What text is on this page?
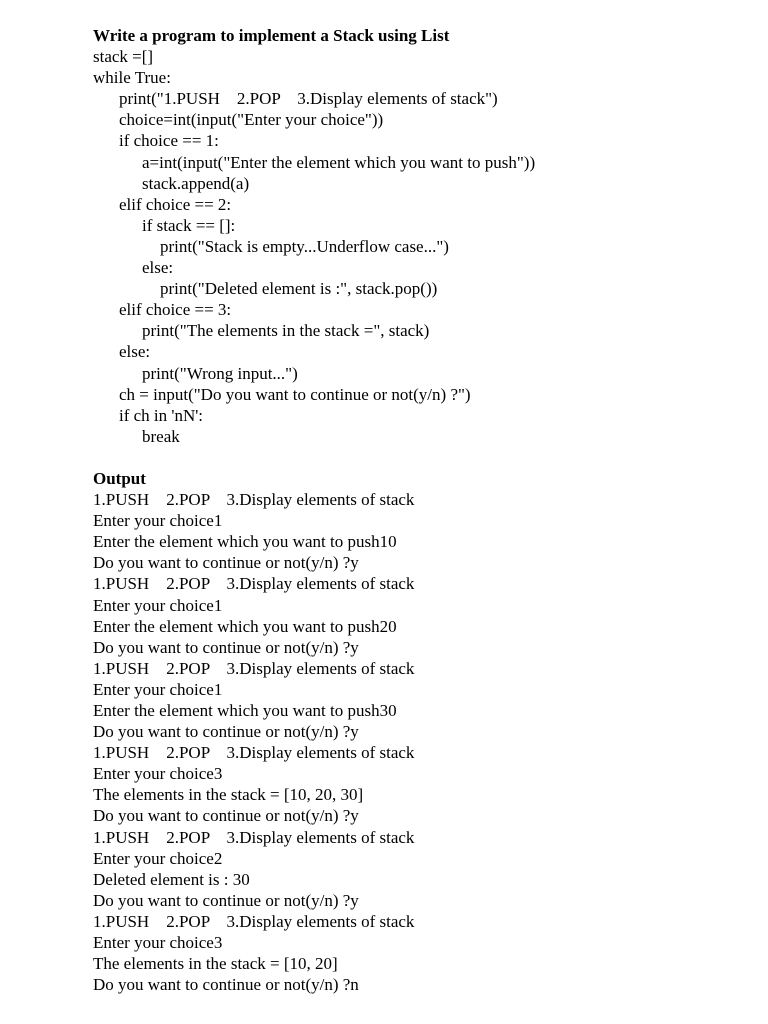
Write a program to implement a Stack using List
stack =[]
while True:
print("1.PUSH    2.POP    3.Display elements of stack")
choice=int(input("Enter your choice"))
if choice == 1:
a=int(input("Enter the element which you want to push"))
stack.append(a)
elif choice == 2:
if stack == []:
print("Stack is empty...Underflow case...")
else:
print("Deleted element is :", stack.pop())
elif choice == 3:
print("The elements in the stack =", stack)
else:
print("Wrong input...")
ch = input("Do you want to continue or not(y/n) ?")
if ch in 'nN':
break
Output
1.PUSH    2.POP    3.Display elements of stack
Enter your choice1
Enter the element which you want to push10
Do you want to continue or not(y/n) ?y
1.PUSH    2.POP    3.Display elements of stack
Enter your choice1
Enter the element which you want to push20
Do you want to continue or not(y/n) ?y
1.PUSH    2.POP    3.Display elements of stack
Enter your choice1
Enter the element which you want to push30
Do you want to continue or not(y/n) ?y
1.PUSH    2.POP    3.Display elements of stack
Enter your choice3
The elements in the stack = [10, 20, 30]
Do you want to continue or not(y/n) ?y
1.PUSH    2.POP    3.Display elements of stack
Enter your choice2
Deleted element is : 30
Do you want to continue or not(y/n) ?y
1.PUSH    2.POP    3.Display elements of stack
Enter your choice3
The elements in the stack = [10, 20]
Do you want to continue or not(y/n) ?n
